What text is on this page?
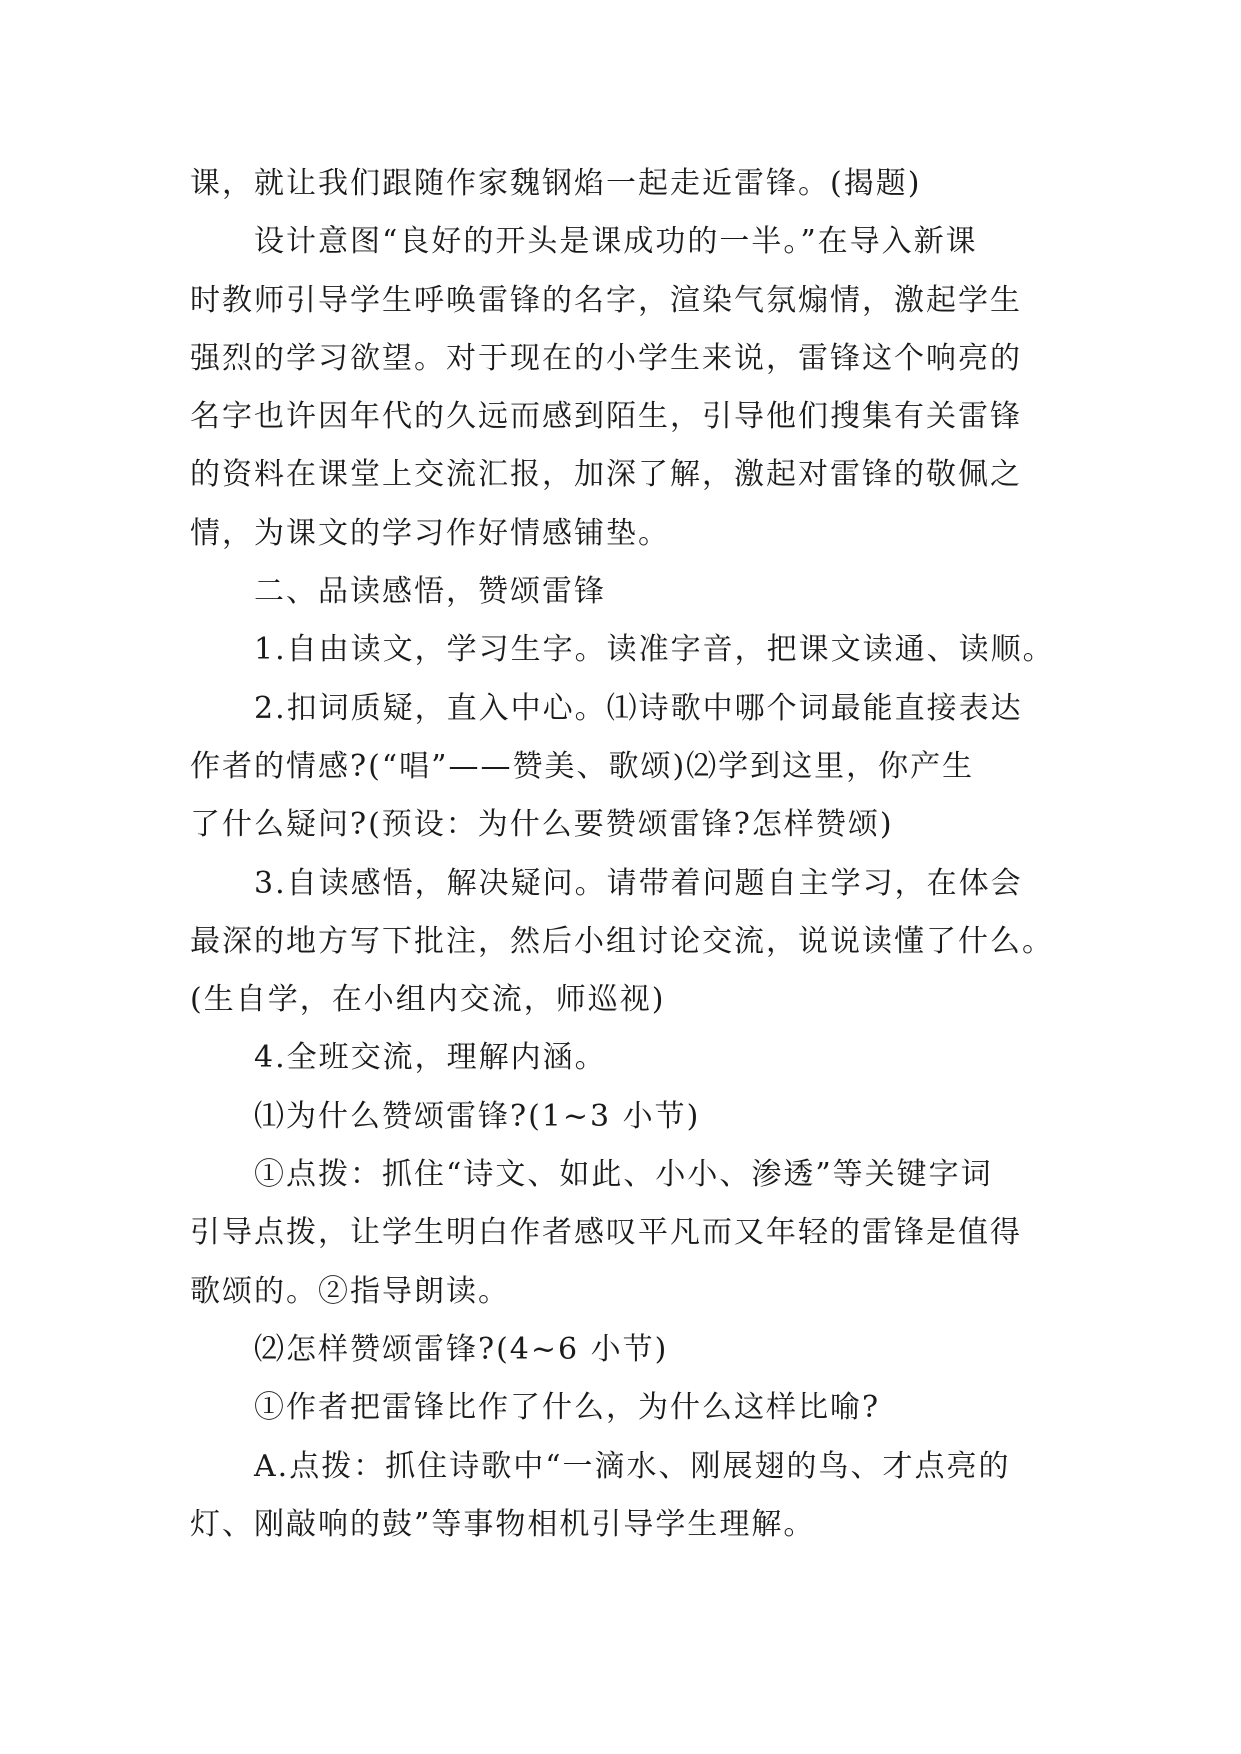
课，就让我们跟随作家魏钢焰一起走近雷锋。(揭题)
设计意图“良好的开头是课成功的一半。”在导入新课
时教师引导学生呼唤雷锋的名字，渲染气氛煽情，激起学生
强烈的学习欲望。对于现在的小学生来说，雷锋这个响亮的
名字也许因年代的久远而感到陌生，引导他们搜集有关雷锋
的资料在课堂上交流汇报，加深了解，激起对雷锋的敬佩之
情，为课文的学习作好情感铺垫。
二、品读感悟，赞颂雷锋
1.自由读文，学习生字。读准字音，把课文读通、读顺。
2.扣词质疑，直入中心。⑴诗歌中哪个词最能直接表达
作者的情感?(“唱”——赞美、歌颂)⑵学到这里，你产生
了什么疑问?(预设：为什么要赞颂雷锋?怎样赞颂)
3.自读感悟，解决疑问。请带着问题自主学习，在体会
最深的地方写下批注，然后小组讨论交流，说说读懂了什么。
(生自学，在小组内交流，师巡视)
4.全班交流，理解内涵。
⑴为什么赞颂雷锋?(1~3 小节)
①点拨：抓住“诗文、如此、小小、渗透”等关键字词
引导点拨，让学生明白作者感叹平凡而又年轻的雷锋是值得
歌颂的。②指导朗读。
⑵怎样赞颂雷锋?(4~6 小节)
①作者把雷锋比作了什么，为什么这样比喻?
A.点拨：抓住诗歌中“一滴水、刚展翅的鸟、才点亮的
灯、刚敲响的鼓”等事物相机引导学生理解。
